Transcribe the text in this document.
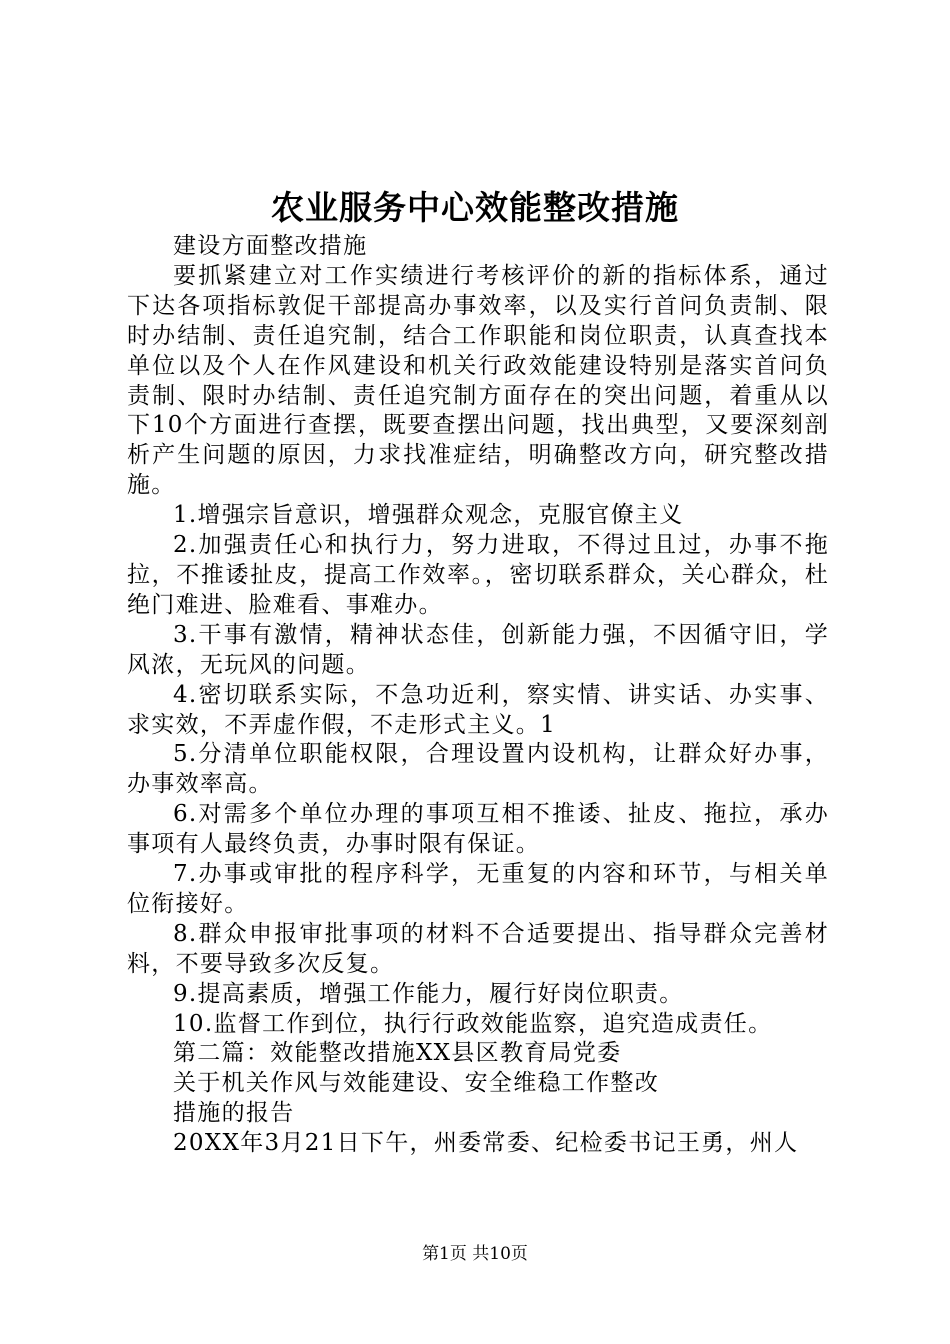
农业服务中心效能整改措施

建设方面整改措施

要抓紧建立对工作实绩进行考核评价的新的指标体系，通过下达各项指标敦促干部提高办事效率，以及实行首问负责制、限时办结制、责任追究制，结合工作职能和岗位职责，认真查找本单位以及个人在作风建设和机关行政效能建设特别是落实首问负责制、限时办结制、责任追究制方面存在的突出问题，着重从以下10个方面进行查摆，既要查摆出问题，找出典型，又要深刻剖析产生问题的原因，力求找准症结，明确整改方向，研究整改措施。

1.增强宗旨意识，增强群众观念，克服官僚主义

2.加强责任心和执行力，努力进取，不得过且过，办事不拖拉，不推诿扯皮，提高工作效率。，密切联系群众，关心群众，杜绝门难进、脸难看、事难办。

3.干事有激情，精神状态佳，创新能力强，不因循守旧，学风浓，无玩风的问题。

4.密切联系实际，不急功近利，察实情、讲实话、办实事、求实效，不弄虚作假，不走形式主义。1

5.分清单位职能权限，合理设置内设机构，让群众好办事，办事效率高。

6.对需多个单位办理的事项互相不推诿、扯皮、拖拉，承办事项有人最终负责，办事时限有保证。

7.办事或审批的程序科学，无重复的内容和环节，与相关单位衔接好。

8.群众申报审批事项的材料不合适要提出、指导群众完善材料，不要导致多次反复。

9.提高素质，增强工作能力，履行好岗位职责。

10.监督工作到位，执行行政效能监察，追究造成责任。

第二篇：效能整改措施XX县区教育局党委

关于机关作风与效能建设、安全维稳工作整改

措施的报告

20XX年3月21日下午，州委常委、纪检委书记王勇，州人

第1页 共10页
